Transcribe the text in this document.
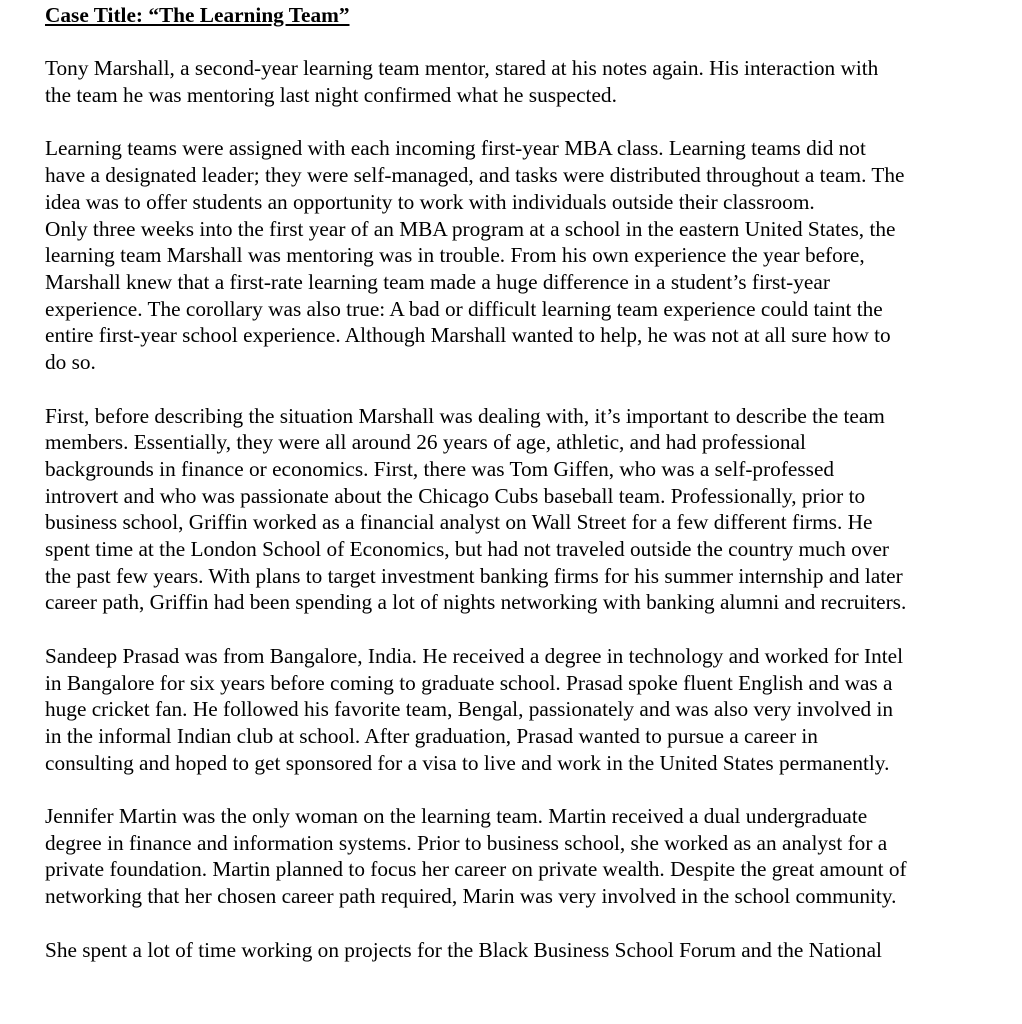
Case Title: “The Learning Team”
Tony Marshall, a second-year learning team mentor, stared at his notes again. His interaction with
the team he was mentoring last night confirmed what he suspected.
Learning teams were assigned with each incoming first-year MBA class. Learning teams did not
have a designated leader; they were self-managed, and tasks were distributed throughout a team. The
idea was to offer students an opportunity to work with individuals outside their classroom.
Only three weeks into the first year of an MBA program at a school in the eastern United States, the
learning team Marshall was mentoring was in trouble. From his own experience the year before,
Marshall knew that a first-rate learning team made a huge difference in a student’s first-year
experience. The corollary was also true: A bad or difficult learning team experience could taint the
entire first-year school experience. Although Marshall wanted to help, he was not at all sure how to
do so.
First, before describing the situation Marshall was dealing with, it’s important to describe the team
members. Essentially, they were all around 26 years of age, athletic, and had professional
backgrounds in finance or economics. First, there was Tom Giffen, who was a self-professed
introvert and who was passionate about the Chicago Cubs baseball team. Professionally, prior to
business school, Griffin worked as a financial analyst on Wall Street for a few different firms. He
spent time at the London School of Economics, but had not traveled outside the country much over
the past few years. With plans to target investment banking firms for his summer internship and later
career path, Griffin had been spending a lot of nights networking with banking alumni and recruiters.
Sandeep Prasad was from Bangalore, India. He received a degree in technology and worked for Intel
in Bangalore for six years before coming to graduate school. Prasad spoke fluent English and was a
huge cricket fan. He followed his favorite team, Bengal, passionately and was also very involved in
in the informal Indian club at school. After graduation, Prasad wanted to pursue a career in
consulting and hoped to get sponsored for a visa to live and work in the United States permanently.
Jennifer Martin was the only woman on the learning team. Martin received a dual undergraduate
degree in finance and information systems. Prior to business school, she worked as an analyst for a
private foundation. Martin planned to focus her career on private wealth. Despite the great amount of
networking that her chosen career path required, Marin was very involved in the school community.
She spent a lot of time working on projects for the Black Business School Forum and the National
